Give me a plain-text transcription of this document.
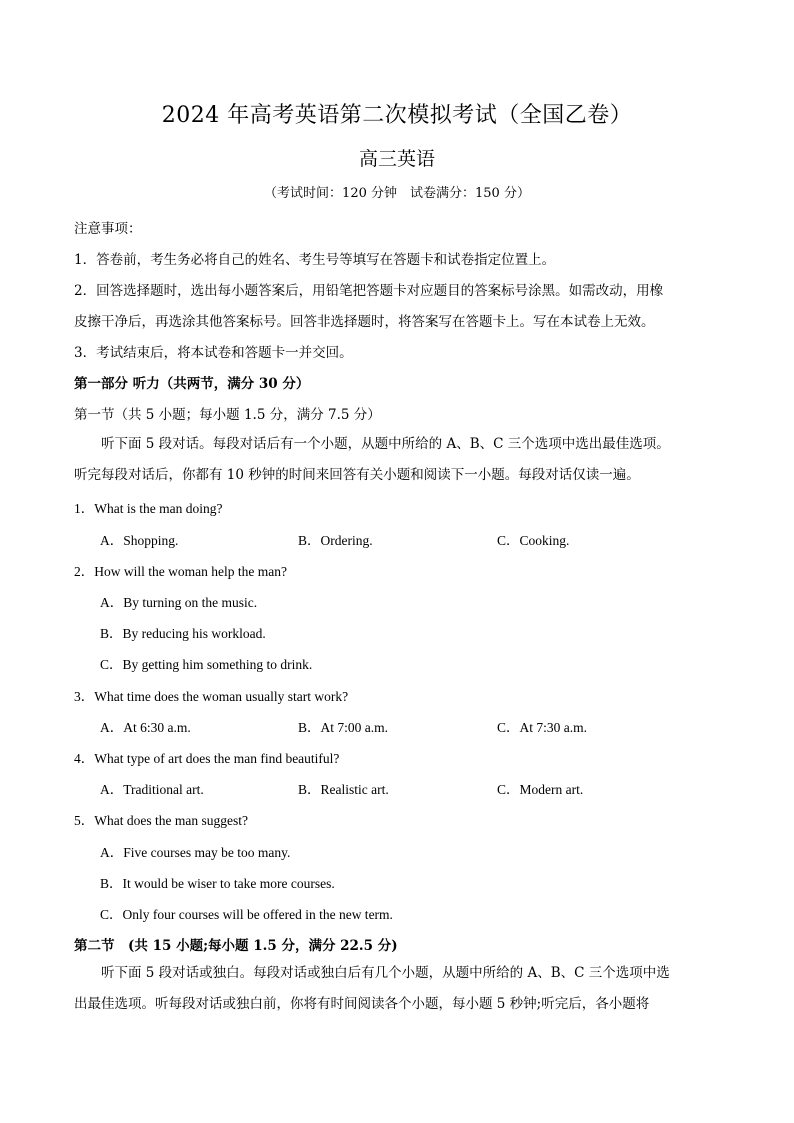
2024 年高考英语第二次模拟考试（全国乙卷）
高三英语
（考试时间：120 分钟　试卷满分：150 分）
注意事项：
1．答卷前，考生务必将自己的姓名、考生号等填写在答题卡和试卷指定位置上。
2．回答选择题时，选出每小题答案后，用铅笔把答题卡对应题目的答案标号涂黑。如需改动，用橡
皮擦干净后，再选涂其他答案标号。回答非选择题时，将答案写在答题卡上。写在本试卷上无效。
3．考试结束后，将本试卷和答题卡一并交回。
第一部分 听力（共两节，满分 30 分）
第一节（共 5 小题；每小题 1.5 分，满分 7.5 分）

听下面 5 段对话。每段对话后有一个小题，从题中所给的 A、B、C 三个选项中选出最佳选项。听完每段对话后，你都有 10 秒钟的时间来回答有关小题和阅读下一小题。每段对话仅读一遍。

1．What is the man doing?
A．Shopping.	B．Ordering.	C．Cooking.
2．How will the woman help the man?
A．By turning on the music.
B．By reducing his workload.
C．By getting him something to drink.
3．What time does the woman usually start work?
A．At 6:30 a.m.	B．At 7:00 a.m.	C．At 7:30 a.m.
4．What type of art does the man find beautiful?
A．Traditional art.	B．Realistic art.	C．Modern art.
5．What does the man suggest?
A．Five courses may be too many.
B．It would be wiser to take more courses.
C．Only four courses will be offered in the new term.
第二节　(共 15 小题;每小题 1.5 分，满分 22.5 分)

听下面 5 段对话或独白。每段对话或独白后有几个小题，从题中所给的 A、B、C 三个选项中选出最佳选项。听每段对话或独白前，你将有时间阅读各个小题，每小题 5 秒钟;听完后，各小题将
